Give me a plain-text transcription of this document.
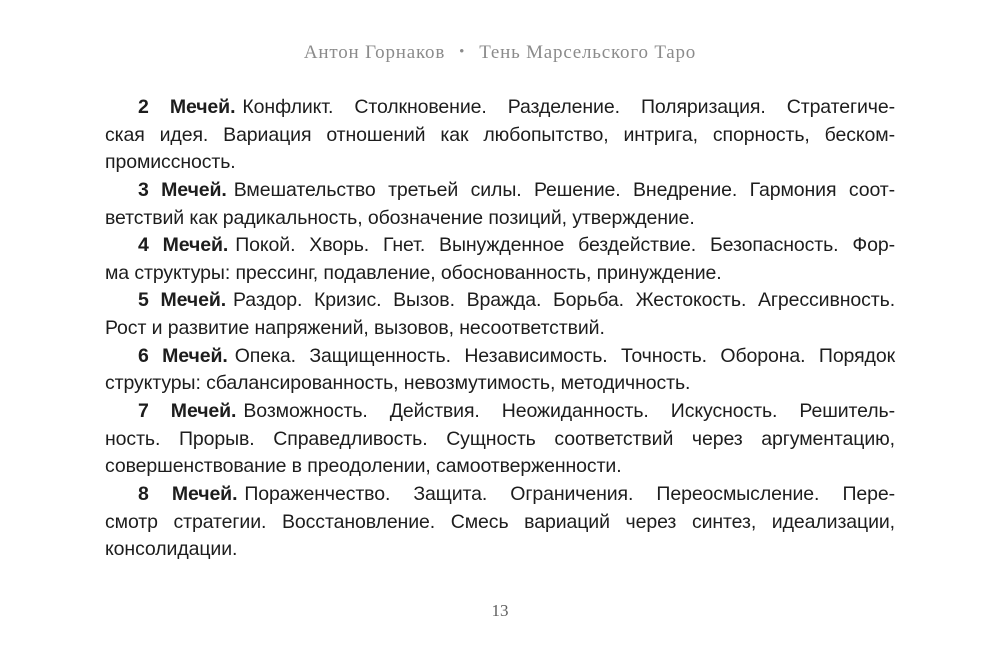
Антон Горнаков • Тень Марсельского Таро
2 Мечей. Конфликт. Столкновение. Разделение. Поляризация. Стратегиче-
ская идея. Вариация отношений как любопытство, интрига, спорность, беском-
промиссность.
3 Мечей. Вмешательство третьей силы. Решение. Внедрение. Гармония соот-
ветствий как радикальность, обозначение позиций, утверждение.
4 Мечей. Покой. Хворь. Гнет. Вынужденное бездействие. Безопасность. Фор-
ма структуры: прессинг, подавление, обоснованность, принуждение.
5 Мечей. Раздор. Кризис. Вызов. Вражда. Борьба. Жестокость. Агрессивность.
Рост и развитие напряжений, вызовов, несоответствий.
6 Мечей. Опека. Защищенность. Независимость. Точность. Оборона. Порядок
структуры: сбалансированность, невозмутимость, методичность.
7 Мечей. Возможность. Действия. Неожиданность. Искусность. Решитель-
ность. Прорыв. Справедливость. Сущность соответствий через аргументацию,
совершенствование в преодолении, самоотверженности.
8 Мечей. Пораженчество. Защита. Ограничения. Переосмысление. Пере-
смотр стратегии. Восстановление. Смесь вариаций через синтез, идеализации,
консолидации.
13
